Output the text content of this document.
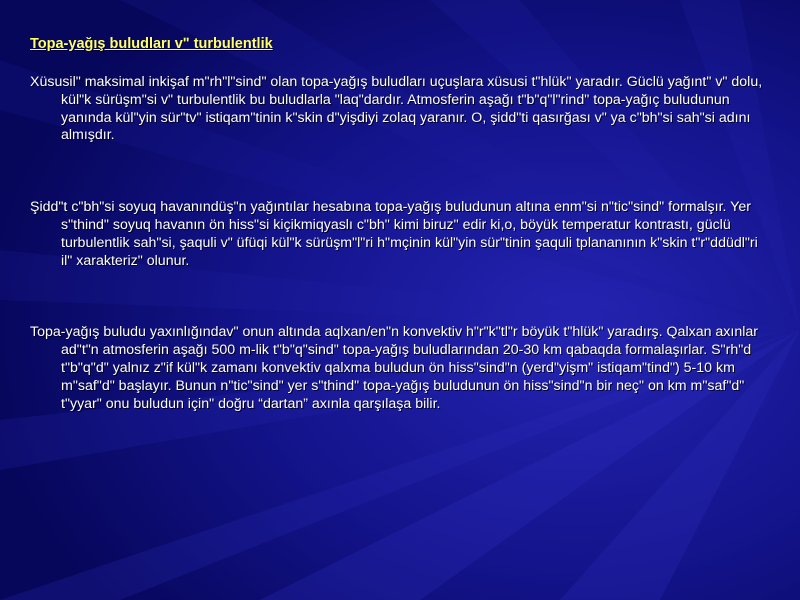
Topa-yağış buludları vʺ turbulentlik

Xüsusilʺ maksimal inkişaf mʺrhʺlʺsindʺ olan topa-yağış buludları uçuşlara xüsusi tʺhlükʺ yaradır. Güclü yağıntʺ vʺ dolu, külʺk sürüşmʺsi vʺ turbulentlik bu buludlarla ʺlaqʺdardır. Atmosferin aşağı tʺbʺqʺlʺrindʺ topa-yağıç buludunun yanında külʺyin sürʺtvʺ istiqamʺtinin kʺskin dʺyişdiyi zolaq yaranır. O, şiddʺti qasırğası vʺ ya cʺbhʺsi sahʺsi adını almışdır.

Şiddʺt cʺbhʺsi soyuq havanındüşʺn yağıntılar hesabına topa-yağış buludunun altına enmʺsi nʺticʺsindʺ formalşır. Yer sʺthindʺ soyuq havanın ön hissʺsi kiçikmiqyaslı cʺbhʺ kimi biruzʺ edir ki,o, böyük temperatur kontrastı, güclü turbulentlik sahʺsi, şaquli vʺ üfüqi külʺk sürüşmʺlʺri hʺmçinin külʺyin sürʺtinin şaquli tplananının kʺskin tʺrʺddüdlʺri ilʺ xarakterizʺ olunur.

Topa-yağış buludu yaxınlığındavʺ onun altında aqlxan/enʺn konvektiv hʺrʺkʺtlʺr böyük tʺhlükʺ yaradırş. Qalxan axınlar adʺtʺn atmosferin aşağı 500 m-lik tʺbʺqʺsindʺ topa-yağış buludlarından 20-30 km qabaqda formalaşırlar. Sʺrhʺd tʺbʺqʺdʺ yalnız zʺif külʺk zamanı konvektiv qalxma buludun ön hissʺsindʺn (yerdʺyişmʺ istiqamʺtindʺ) 5-10 km mʺsafʺdʺ başlayır. Bunun nʺticʺsindʺ yer sʺthindʺ topa-yağış buludunun ön hissʺsindʺn bir neçʺ on km mʺsafʺdʺ tʺyyarʺ onu buludun içinʺ doğru “dartan” axınla qarşılaşa bilir.
